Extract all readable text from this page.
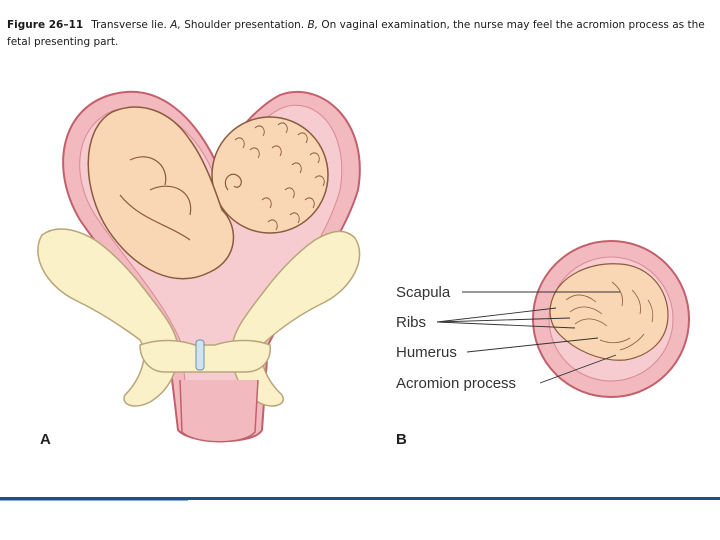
Figure 26–11 Transverse lie. A, Shoulder presentation. B, On vaginal examination, the nurse may feel the acromion process as the fetal presenting part.
A
Scapula
Ribs
Humerus
Acromion process
B
